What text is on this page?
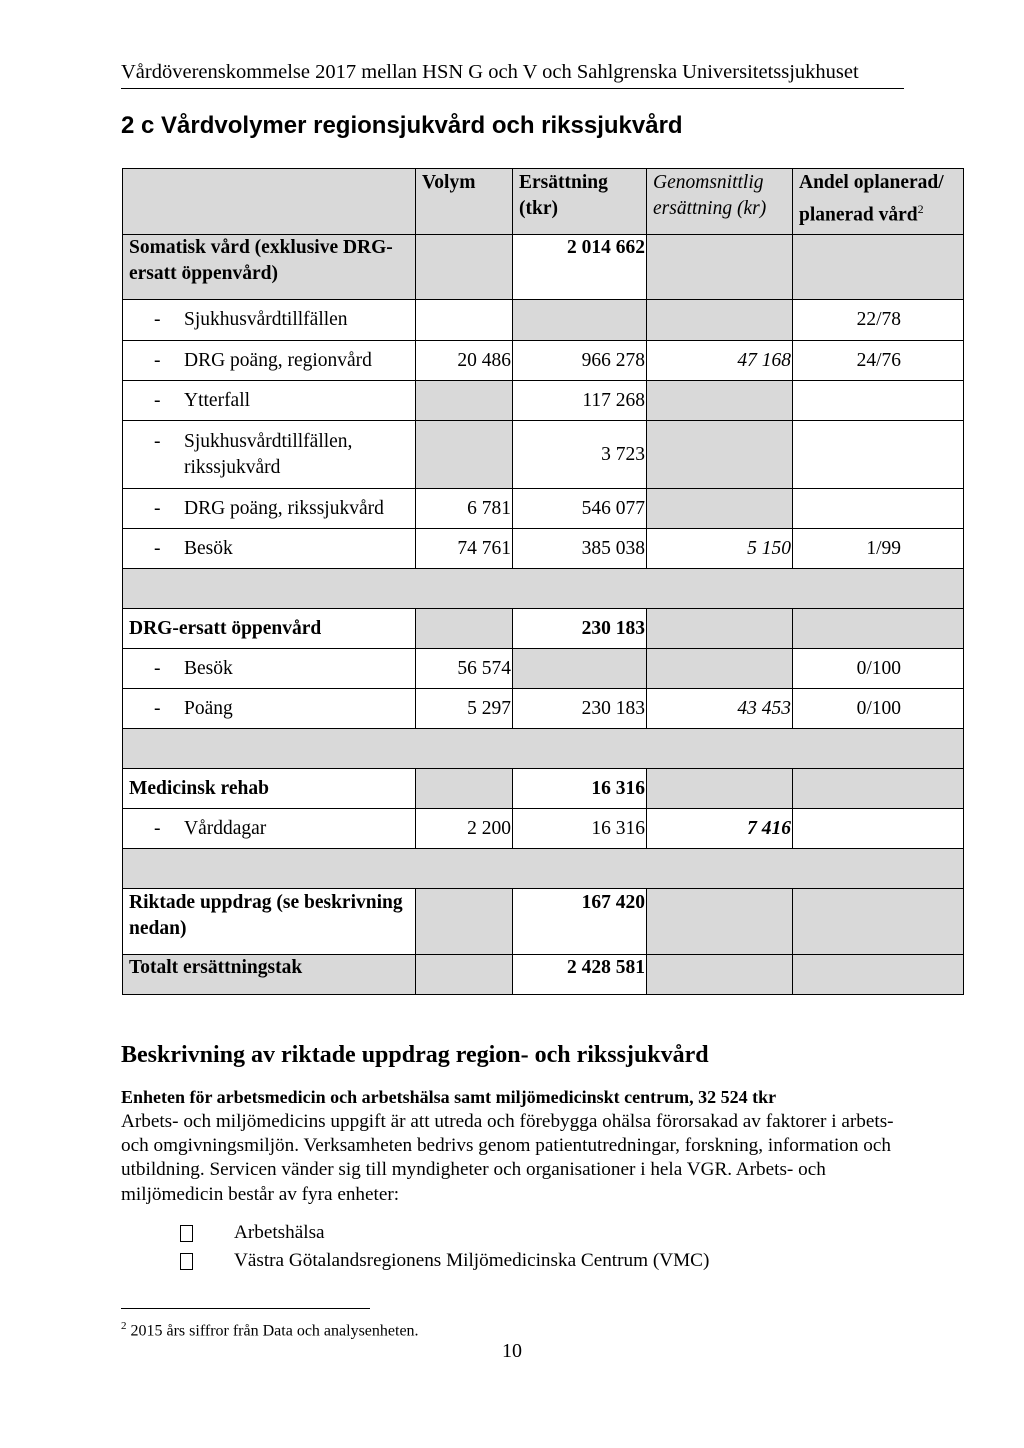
Vårdöverenskommelse 2017 mellan HSN G och V och Sahlgrenska Universitetssjukhuset
2 c Vårdvolymer regionsjukvård och rikssjukvård
	Volym	Ersättning (tkr)	Genomsnittlig ersättning (kr)	Andel oplanerad/ planerad vård$^2$
Somatisk vård (exklusive DRG-ersatt öppenvård)		2 014 662		

- Sjukhusvårdtillfällen				22/78

- DRG poäng, regionvård	20 486	966 278	47 168	24/76

- Ytterfall		117 268		

- Sjukhusvårdtillfällen, rikssjukvård		3 723		

- DRG poäng, rikssjukvård	6 781	546 077		

- Besök	74 761	385 038	5 150	1/99

DRG-ersatt öppenvård		230 183		

- Besök	56 574			0/100

- Poäng	5 297	230 183	43 453	0/100

Medicinsk rehab		16 316		

- Vårddagar	2 200	16 316	7 416	

Riktade uppdrag (se beskrivning nedan)		167 420		
Totalt ersättningstak		2 428 581		
Beskrivning av riktade uppdrag region- och rikssjukvård
Enheten för arbetsmedicin och arbetshälsa samt miljömedicinskt centrum, 32 524 tkr
Arbets- och miljömedicins uppgift är att utreda och förebygga ohälsa förorsakad av faktorer i arbets- och omgivningsmiljön. Verksamheten bedrivs genom patientutredningar, forskning, information och utbildning. Servicen vänder sig till myndigheter och organisationer i hela VGR. Arbets- och miljömedicin består av fyra enheter:
Arbetshälsa
Västra Götalandsregionens Miljömedicinska Centrum (VMC)
$^2$ 2015 års siffror från Data och analysenheten.
10
